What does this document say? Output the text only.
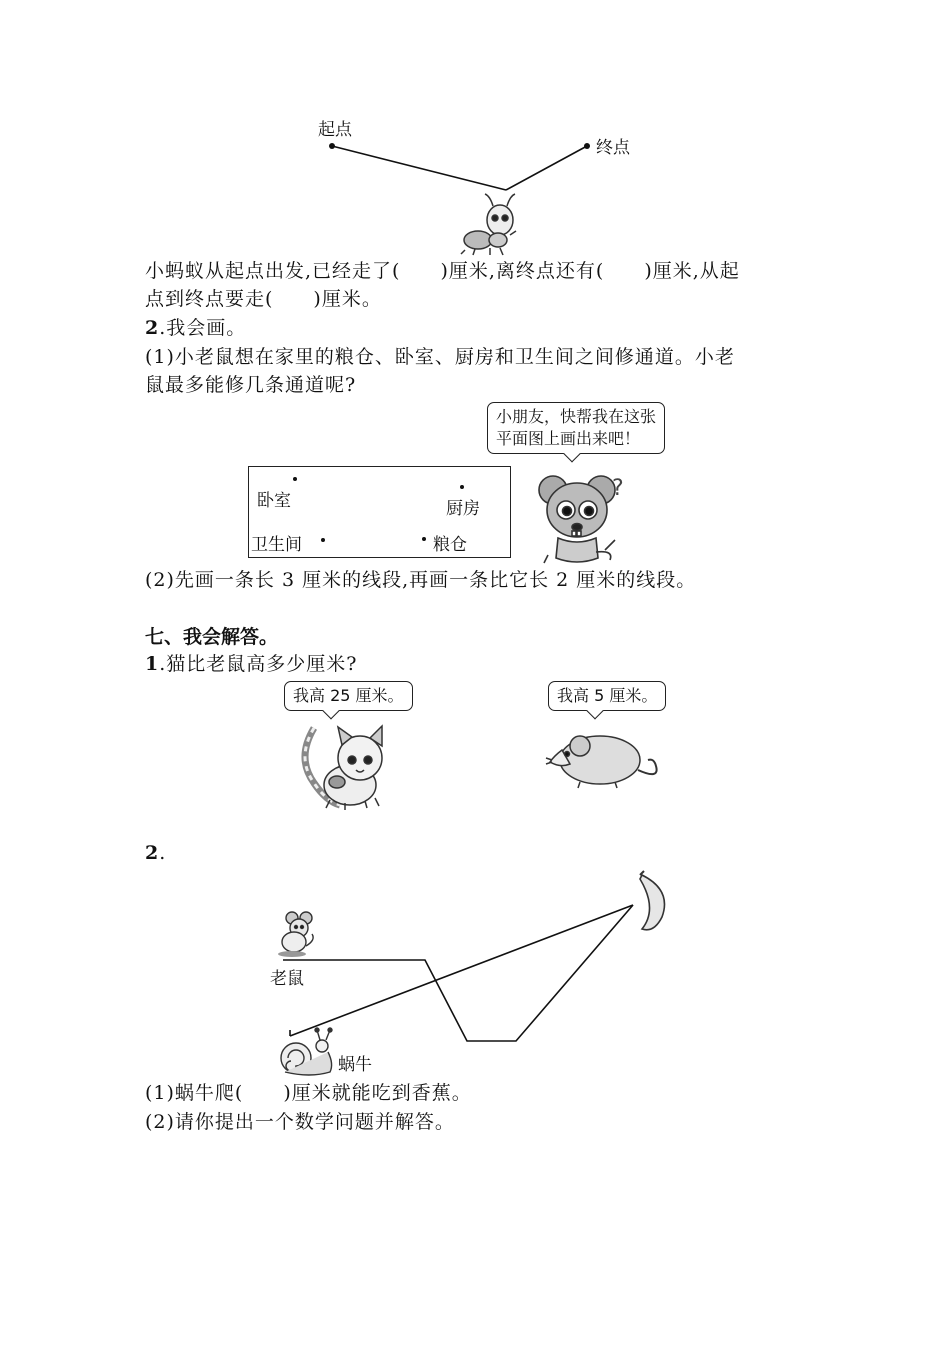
?
起点
终点
小蚂蚁从起点出发,已经走了(　　)厘米,离终点还有(　　)厘米,从起
点到终点要走(　　)厘米。
2.我会画。
(1)小老鼠想在家里的粮仓、卧室、厨房和卫生间之间修通道。小老
鼠最多能修几条通道呢?
小朋友，快帮我在这张
平面图上画出来吧！
卧室	厨房
卫生间	粮仓
(2)先画一条长 3 厘米的线段,再画一条比它长 2 厘米的线段。
七、我会解答。
1.猫比老鼠高多少厘米?
我高 25 厘米。	我高 5 厘米。
2.
老鼠
蜗牛
(1)蜗牛爬(　　)厘米就能吃到香蕉。
(2)请你提出一个数学问题并解答。
